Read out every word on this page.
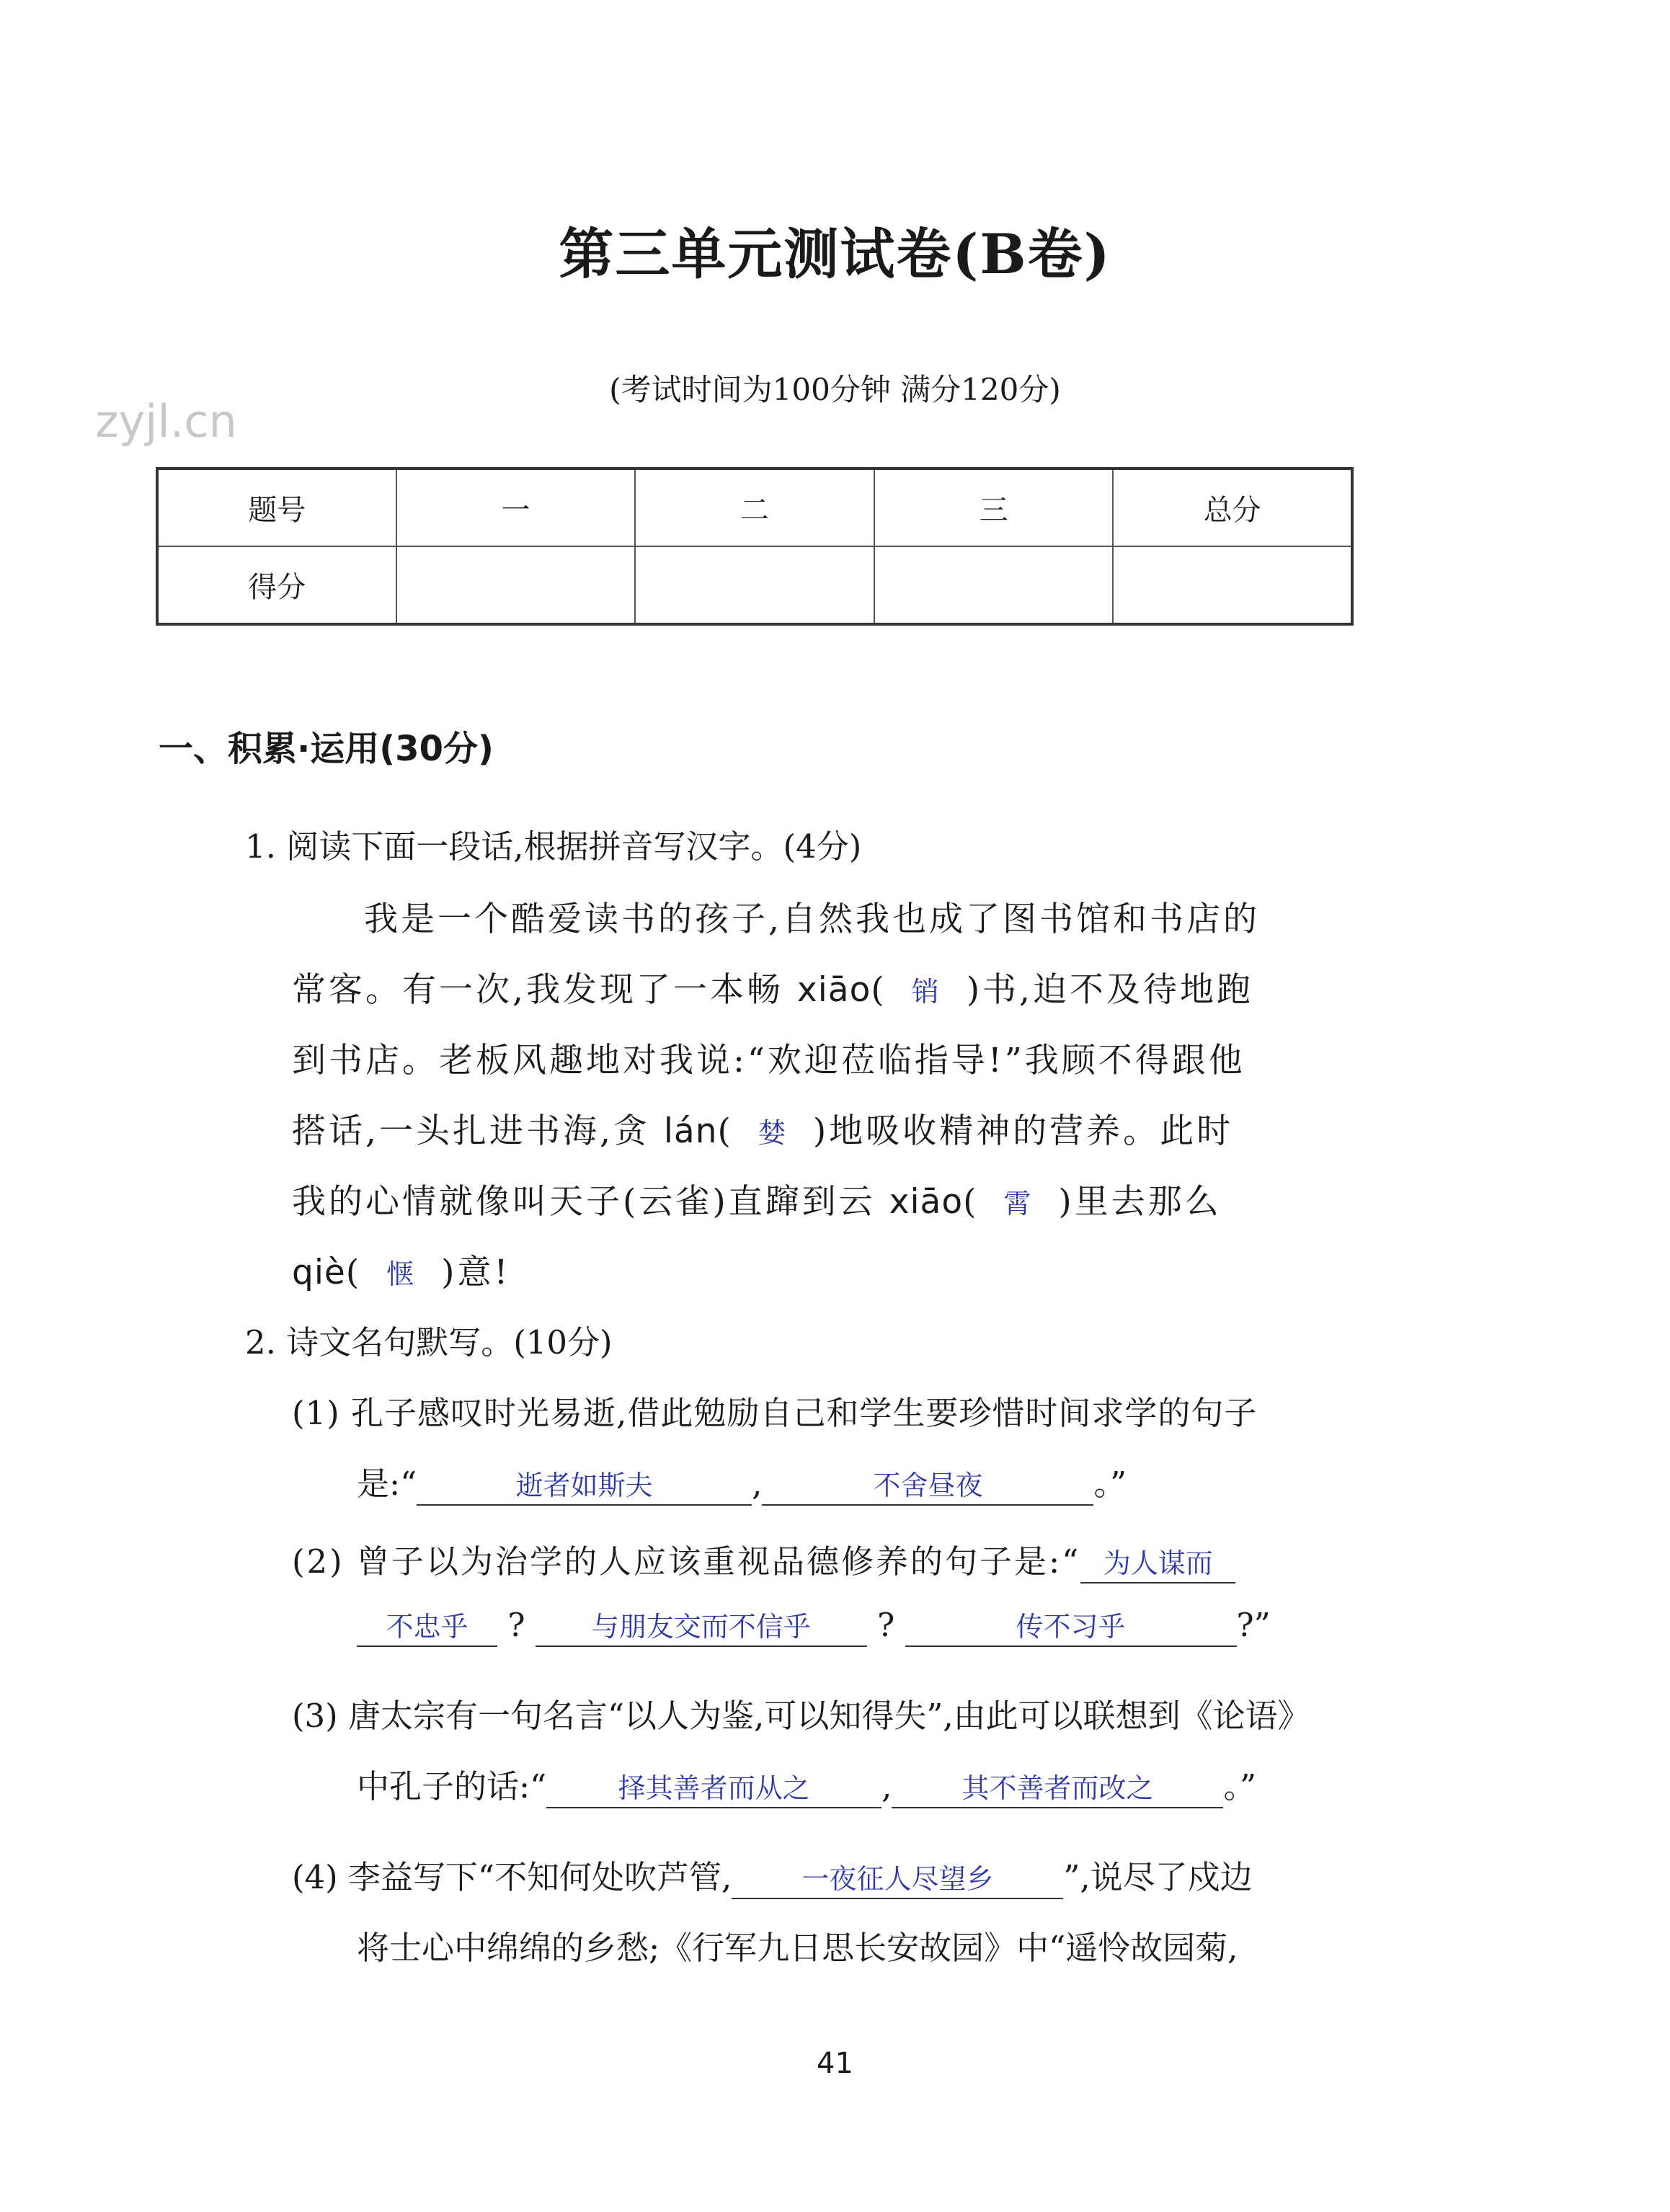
第三单元测试卷(B卷)
(考试时间为100分钟 满分120分)
zyjl.cn
题号	一	二	三	总分
得分				
一、积累·运用(30分)
1. 阅读下面一段话,根据拼音写汉字。(4分)
我是一个酷爱读书的孩子,自然我也成了图书馆和书店的
常客。有一次,我发现了一本畅 xiāo( 销 )书,迫不及待地跑
到书店。老板风趣地对我说:“欢迎莅临指导!”我顾不得跟他
搭话,一头扎进书海,贪 lán( 婪 )地吸收精神的营养。此时
我的心情就像叫天子(云雀)直蹿到云 xiāo( 霄 )里去那么
qiè( 惬 )意!
2. 诗文名句默写。(10分)
(1) 孔子感叹时光易逝,借此勉励自己和学生要珍惜时间求学的句子
是:“	逝者如斯夫	,	不舍昼夜	。”
(2) 曾子以为治学的人应该重视品德修养的句子是:“ 为人谋而
不忠乎 ? 与朋友交而不信乎 ?	传不习乎	?”
(3) 唐太宗有一句名言“以人为鉴,可以知得失”,由此可以联想到《论语》
中孔子的话:“	择其善者而从之 ,	其不善者而改之 。”
(4) 李益写下“不知何处吹芦管,	一夜征人尽望乡 ”,说尽了戍边
将士心中绵绵的乡愁;《行军九日思长安故园》中“遥怜故园菊,
41
